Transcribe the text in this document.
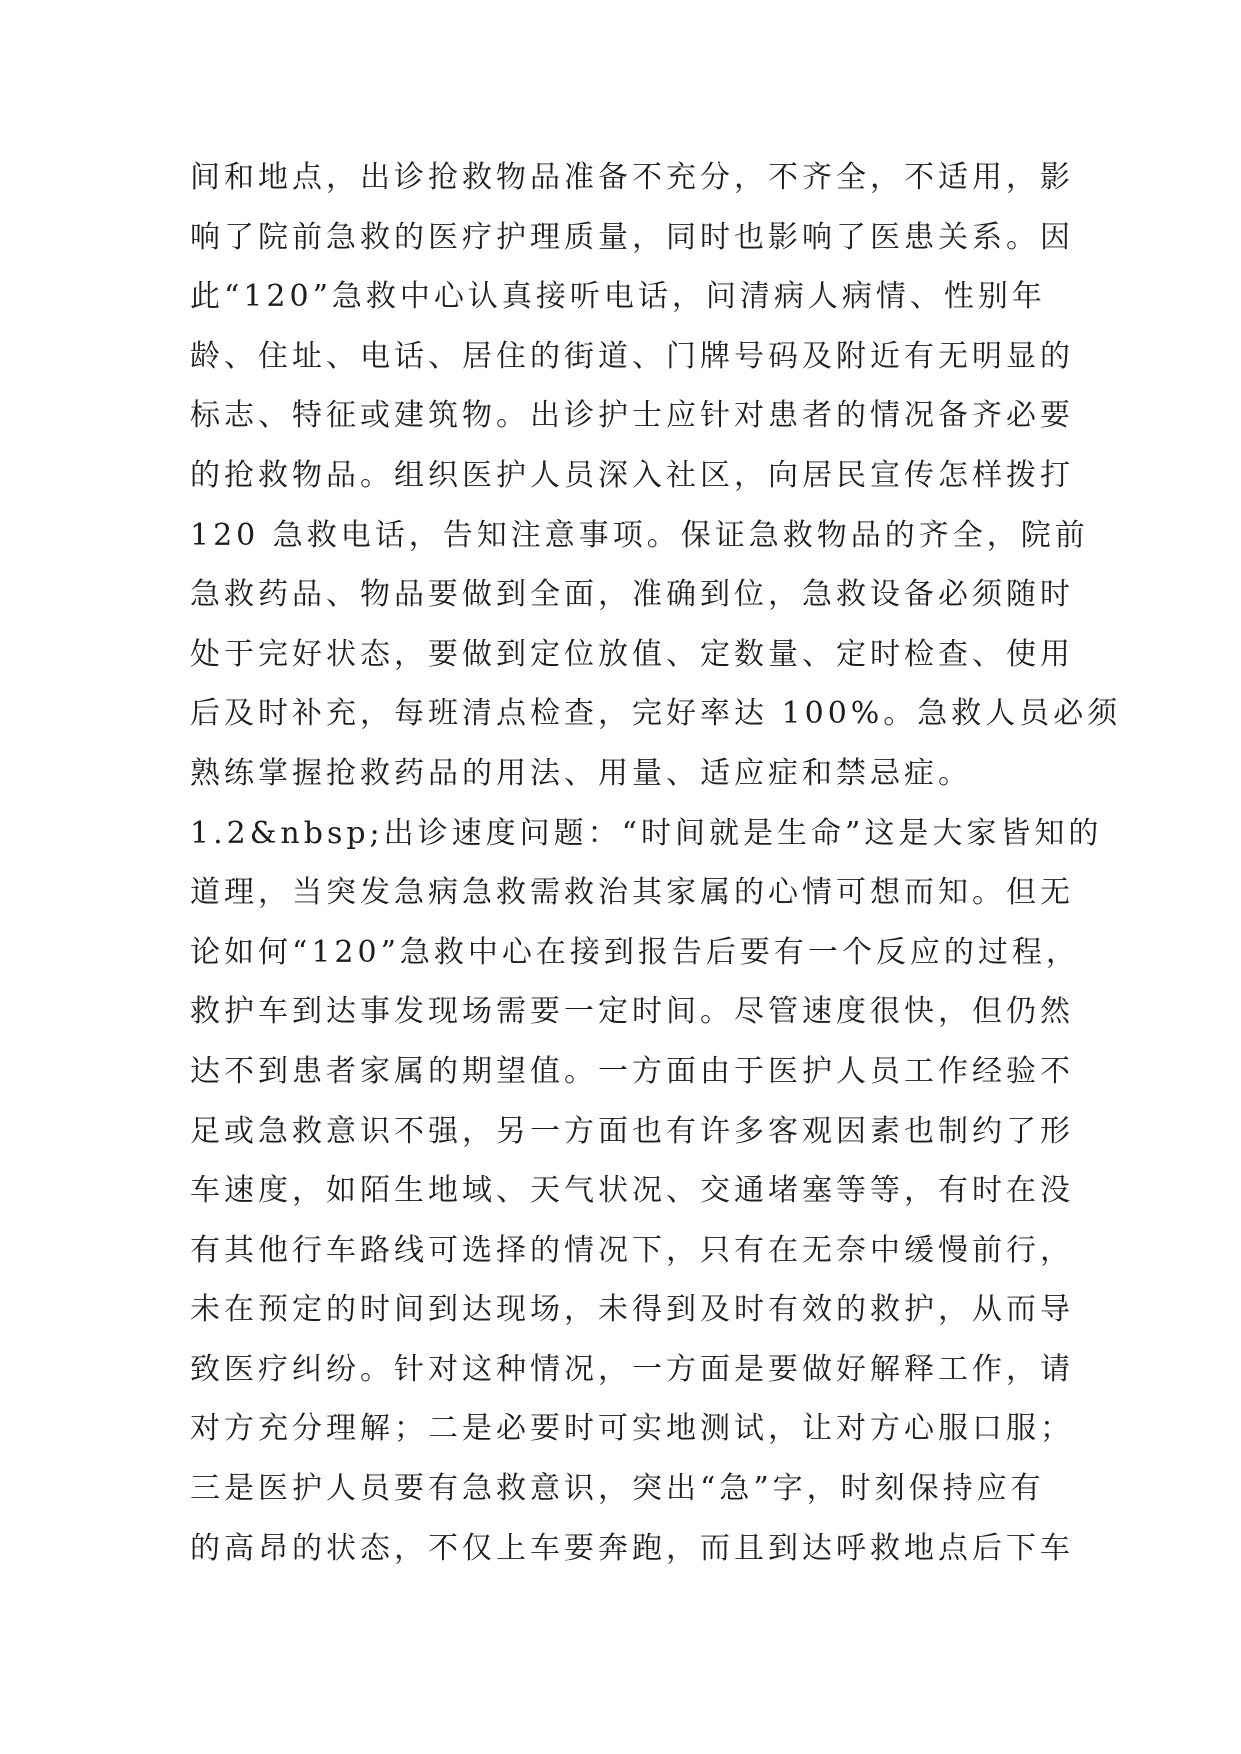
间和地点，出诊抢救物品准备不充分，不齐全，不适用，影
响了院前急救的医疗护理质量，同时也影响了医患关系。因
此“120”急救中心认真接听电话，问清病人病情、性别年
龄、住址、电话、居住的街道、门牌号码及附近有无明显的
标志、特征或建筑物。出诊护士应针对患者的情况备齐必要
的抢救物品。组织医护人员深入社区，向居民宣传怎样拨打
120 急救电话，告知注意事项。保证急救物品的齐全，院前
急救药品、物品要做到全面，准确到位，急救设备必须随时
处于完好状态，要做到定位放值、定数量、定时检查、使用
后及时补充，每班清点检查，完好率达 100%。急救人员必须
熟练掌握抢救药品的用法、用量、适应症和禁忌症。
1.2&nbsp;出诊速度问题：“时间就是生命”这是大家皆知的
道理，当突发急病急救需救治其家属的心情可想而知。但无
论如何“120”急救中心在接到报告后要有一个反应的过程，
救护车到达事发现场需要一定时间。尽管速度很快，但仍然
达不到患者家属的期望值。一方面由于医护人员工作经验不
足或急救意识不强，另一方面也有许多客观因素也制约了形
车速度，如陌生地域、天气状况、交通堵塞等等，有时在没
有其他行车路线可选择的情况下，只有在无奈中缓慢前行，
未在预定的时间到达现场，未得到及时有效的救护，从而导
致医疗纠纷。针对这种情况，一方面是要做好解释工作，请
对方充分理解；二是必要时可实地测试，让对方心服口服；
三是医护人员要有急救意识，突出“急”字，时刻保持应有
的高昂的状态，不仅上车要奔跑，而且到达呼救地点后下车
